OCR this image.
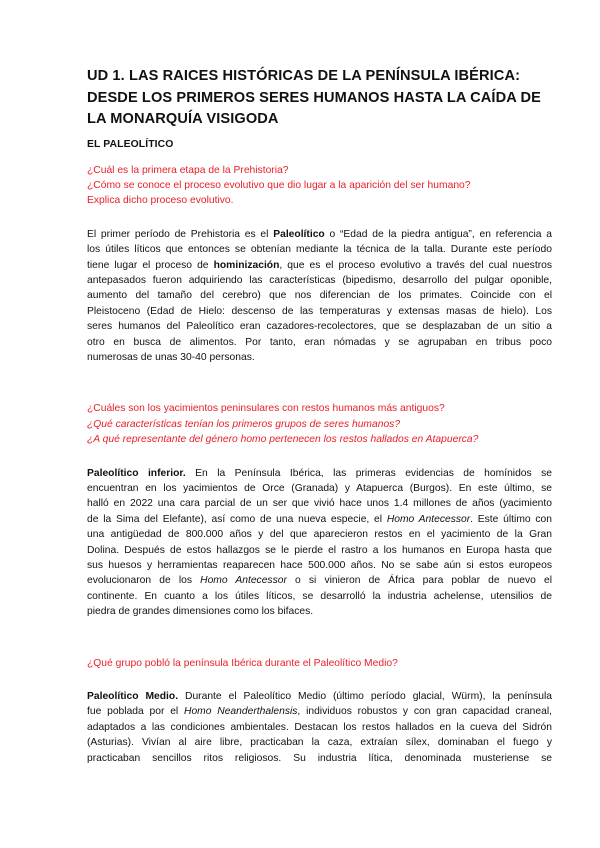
UD 1. LAS RAICES HISTÓRICAS DE LA PENÍNSULA IBÉRICA: DESDE LOS PRIMEROS SERES HUMANOS HASTA LA CAÍDA DE LA MONARQUÍA VISIGODA
EL PALEOLÍTICO
¿Cuál es la primera etapa de la Prehistoria?
¿Cómo se conoce el proceso evolutivo que dio lugar a la aparición del ser humano?
Explica dicho proceso evolutivo.
El primer período de Prehistoria es el Paleolítico o “Edad de la piedra antigua”, en referencia a
los útiles líticos que entonces se obtenían mediante la técnica de la talla. Durante este período
tiene lugar el proceso de hominización, que es el proceso evolutivo a través del cual nuestros
antepasados fueron adquiriendo las características (bipedismo, desarrollo del pulgar oponible,
aumento del tamaño del cerebro) que nos diferencian de los primates. Coincide con el
Pleistoceno (Edad de Hielo: descenso de las temperaturas y extensas masas de hielo). Los
seres humanos del Paleolítico eran cazadores-recolectores, que se desplazaban de un sitio a
otro en busca de alimentos. Por tanto, eran nómadas y se agrupaban en tribus poco
numerosas de unas 30-40 personas.
¿Cuáles son los yacimientos peninsulares con restos humanos más antiguos?
¿Qué características tenían los primeros grupos de seres humanos?
¿A qué representante del género homo pertenecen los restos hallados en Atapuerca?
Paleolítico inferior. En la Península Ibérica, las primeras evidencias de homínidos se
encuentran en los yacimientos de Orce (Granada) y Atapuerca (Burgos). En este último, se
halló en 2022 una cara parcial de un ser que vivió hace unos 1.4 millones de años (yacimiento
de la Sima del Elefante), así como de una nueva especie, el Homo Antecessor. Este último con
una antigüedad de 800.000 años y del que aparecieron restos en el yacimiento de la Gran
Dolina. Después de estos hallazgos se le pierde el rastro a los humanos en Europa hasta que
sus huesos y herramientas reaparecen hace 500.000 años. No se sabe aún si estos europeos
evolucionaron de los Homo Antecessor o si vinieron de África para poblar de nuevo el
continente. En cuanto a los útiles líticos, se desarrolló la industria achelense, utensilios de
piedra de grandes dimensiones como los bifaces.
¿Qué grupo pobló la península Ibérica durante el Paleolítico Medio?
Paleolítico Medio. Durante el Paleolítico Medio (último período glacial, Würm), la península
fue poblada por el Homo Neanderthalensis, individuos robustos y con gran capacidad craneal,
adaptados a las condiciones ambientales. Destacan los restos hallados en la cueva del Sidrón
(Asturias). Vivían al aire libre, practicaban la caza, extraían sílex, dominaban el fuego y
practicaban sencillos ritos religiosos. Su industria lítica, denominada musteriense se
